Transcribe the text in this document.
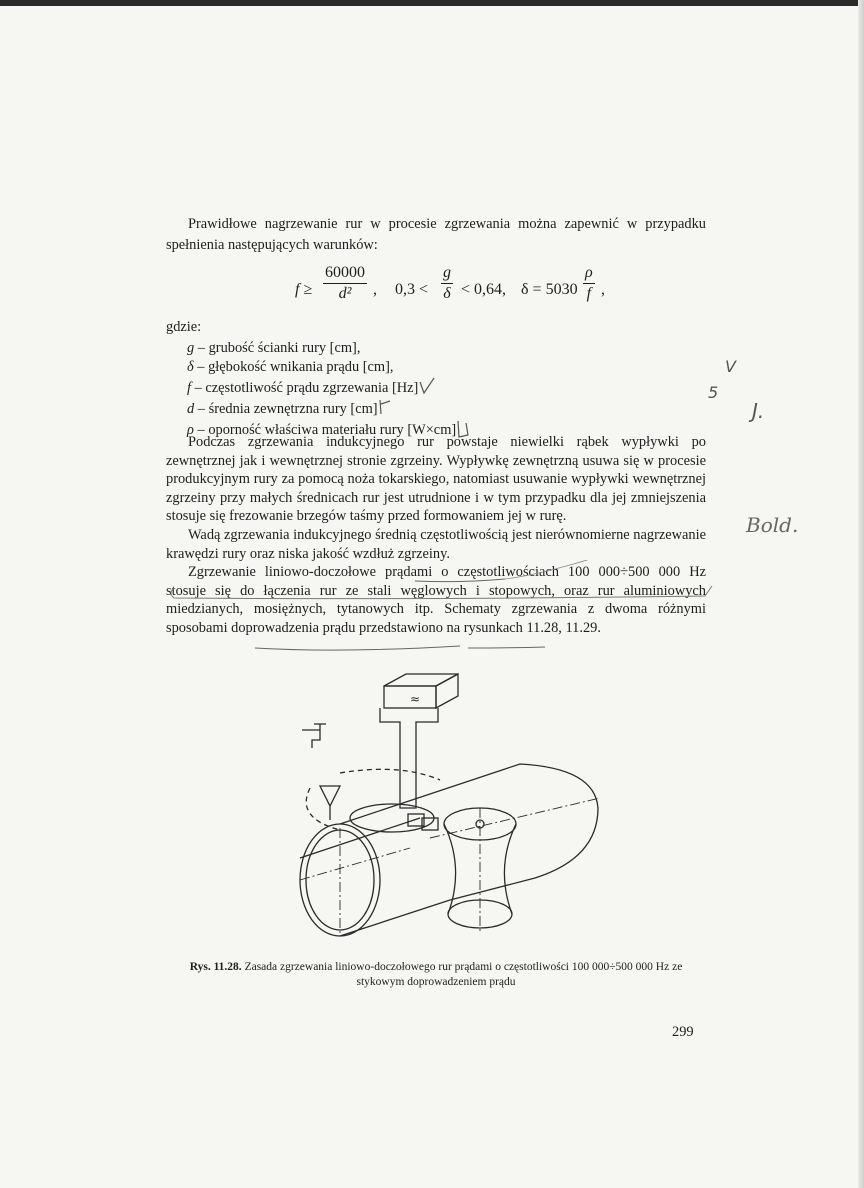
Prawidłowe nagrzewanie rur w procesie zgrzewania można zapewnić w przypadku spełnienia następujących warunków:

$f \ge \frac{60000}{\text{d²}}$ , $0,3 < \frac{g}{\delta} < 0,64$, $\delta = 5030 \frac{\rho}{f}$ ,
gdzie:
g – grubość ścianki rury [cm],
δ – głębokość wnikania prądu [cm],
f – częstotliwość prądu zgrzewania [Hz]
d – średnia zewnętrzna rury [cm]
ρ – oporność właściwa materiału rury [W×cm]

Podczas zgrzewania indukcyjnego rur powstaje niewielki rąbek wypływki po zewnętrznej jak i wewnętrznej stronie zgrzeiny. Wypływkę zewnętrzną usuwa się w procesie produkcyjnym rury za pomocą noża tokarskiego, natomiast usuwanie wypływki wewnętrznej zgrzeiny przy małych średnicach rur jest utrudnione i w tym przypadku dla jej zmniejszenia stosuje się frezowanie brzegów taśmy przed formowaniem jej w rurę.

Wadą zgrzewania indukcyjnego średnią częstotliwością jest nierównomierne nagrzewanie krawędzi rury oraz niska jakość wzdłuż zgrzeiny.

Zgrzewanie liniowo-doczołowe prądami o częstotliwościach 100 000÷500 000 Hz stosuje się do łączenia rur ze stali węglowych i stopowych, oraz rur aluminiowych miedzianych, mosiężnych, tytanowych itp. Schematy zgrzewania z dwoma różnymi sposobami doprowadzenia prądu przedstawiono na rysunkach 11.28, 11.29.

5
V
J.
Bold.
≈
Rys. 11.28. Zasada zgrzewania liniowo-doczołowego rur prądami o częstotliwości 100 000÷500 000 Hz ze stykowym doprowadzeniem prądu
299
